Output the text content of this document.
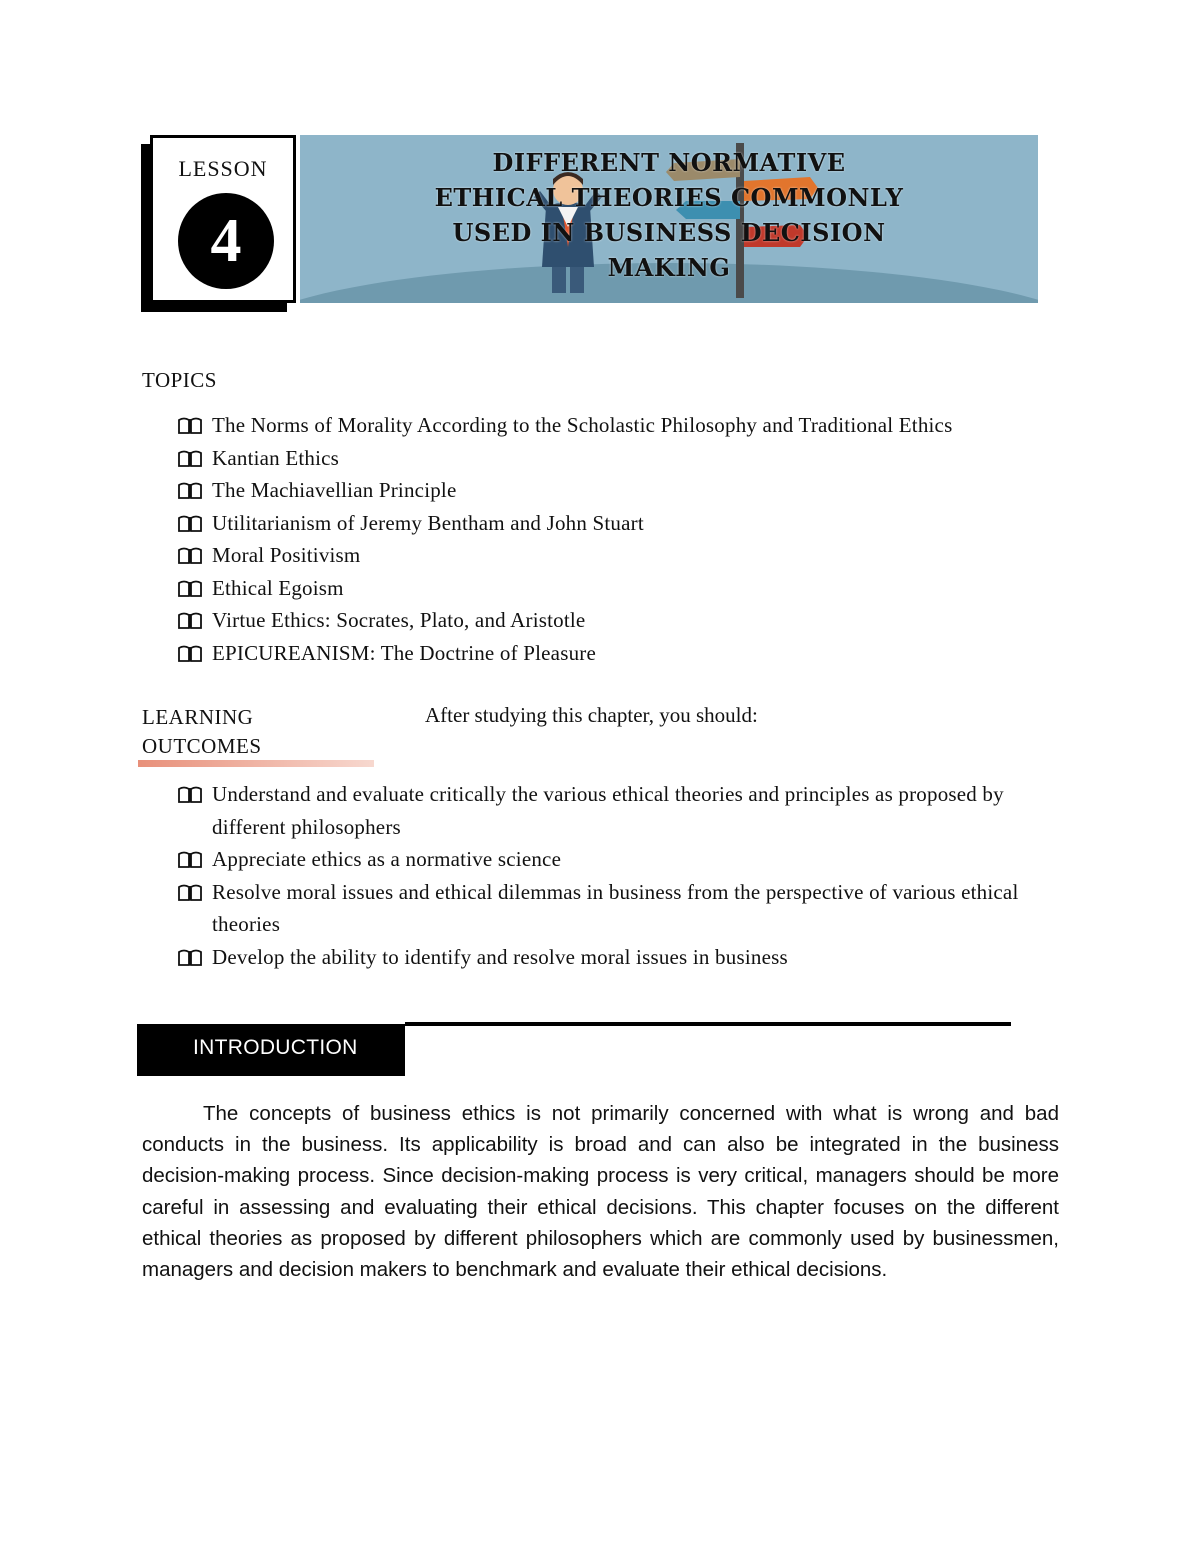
LESSON
4
DIFFERENT NORMATIVE
ETHICAL THEORIES COMMONLY
USED IN BUSINESS DECISION
MAKING
TOPICS
The Norms of Morality According to the Scholastic Philosophy and Traditional Ethics
Kantian Ethics
The Machiavellian Principle
Utilitarianism of Jeremy Bentham and John Stuart
Moral Positivism
Ethical Egoism
Virtue Ethics: Socrates, Plato, and Aristotle
EPICUREANISM: The Doctrine of Pleasure
LEARNING
OUTCOMES
After studying this chapter, you should:
Understand and evaluate critically the various ethical theories and principles as proposed by different philosophers
Appreciate ethics as a normative science
Resolve moral issues and ethical dilemmas in business from the perspective of various ethical theories
Develop the ability to identify and resolve moral issues in business
INTRODUCTION

The concepts of business ethics is not primarily concerned with what is wrong and bad conducts in the business. Its applicability is broad and can also be integrated in the business decision-making process. Since decision-making process is very critical, managers should be more careful in assessing and evaluating their ethical decisions. This chapter focuses on the different ethical theories as proposed by different philosophers which are commonly used by businessmen, managers and decision makers to benchmark and evaluate their ethical decisions.
